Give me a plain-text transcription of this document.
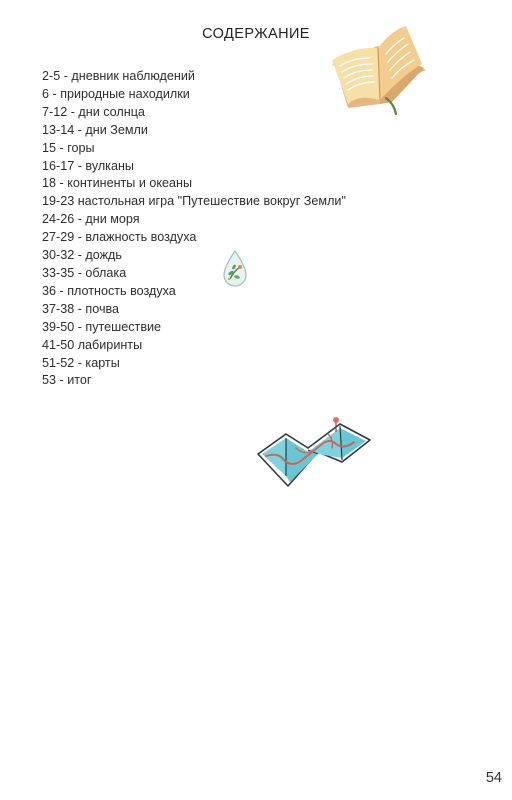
СОДЕРЖАНИЕ
2-5 - дневник наблюдений
6 - природные находилки
7-12 - дни солнца
13-14 - дни Земли
15 - горы
16-17 - вулканы
18 - континенты и океаны
19-23 настольная игра "Путешествие вокруг Земли"
24-26 - дни моря
27-29 - влажность воздуха
30-32 - дождь
33-35 - облака
36 - плотность воздуха
37-38 - почва
39-50 - путешествие
41-50 лабиринты
51-52 - карты
53 - итог
54
